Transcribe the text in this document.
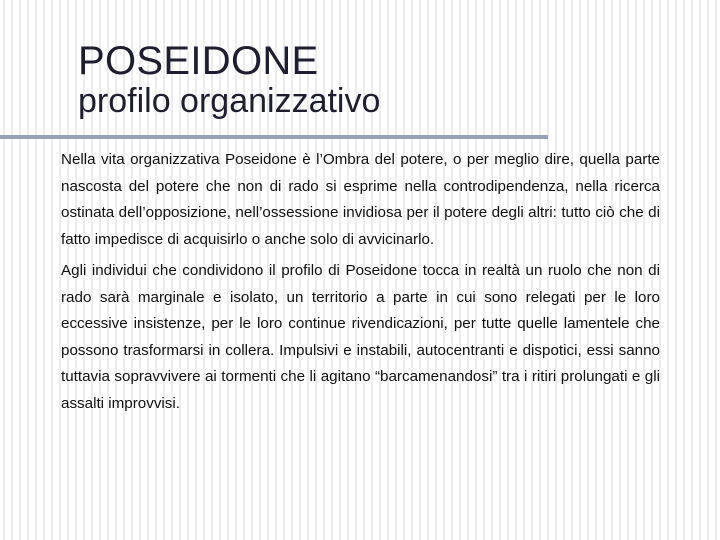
POSEIDONE
profilo organizzativo

Nella vita organizzativa Poseidone è l’Ombra del potere, o per meglio dire, quella parte nascosta del potere che non di rado si esprime nella controdipendenza, nella ricerca ostinata dell’opposizione, nell’ossessione invidiosa per il potere degli altri: tutto ciò che di fatto impedisce di acquisirlo o anche solo di avvicinarlo.

Agli individui che condividono il profilo di Poseidone tocca in realtà un ruolo che non di rado sarà marginale e isolato, un territorio a parte in cui sono relegati per le loro eccessive insistenze, per le loro continue rivendicazioni, per tutte quelle lamentele che possono trasformarsi in collera. Impulsivi e instabili, autocentranti e dispotici, essi sanno tuttavia sopravvivere ai tormenti che li agitano “barcamenandosi” tra i ritiri prolungati e gli assalti improvvisi.
